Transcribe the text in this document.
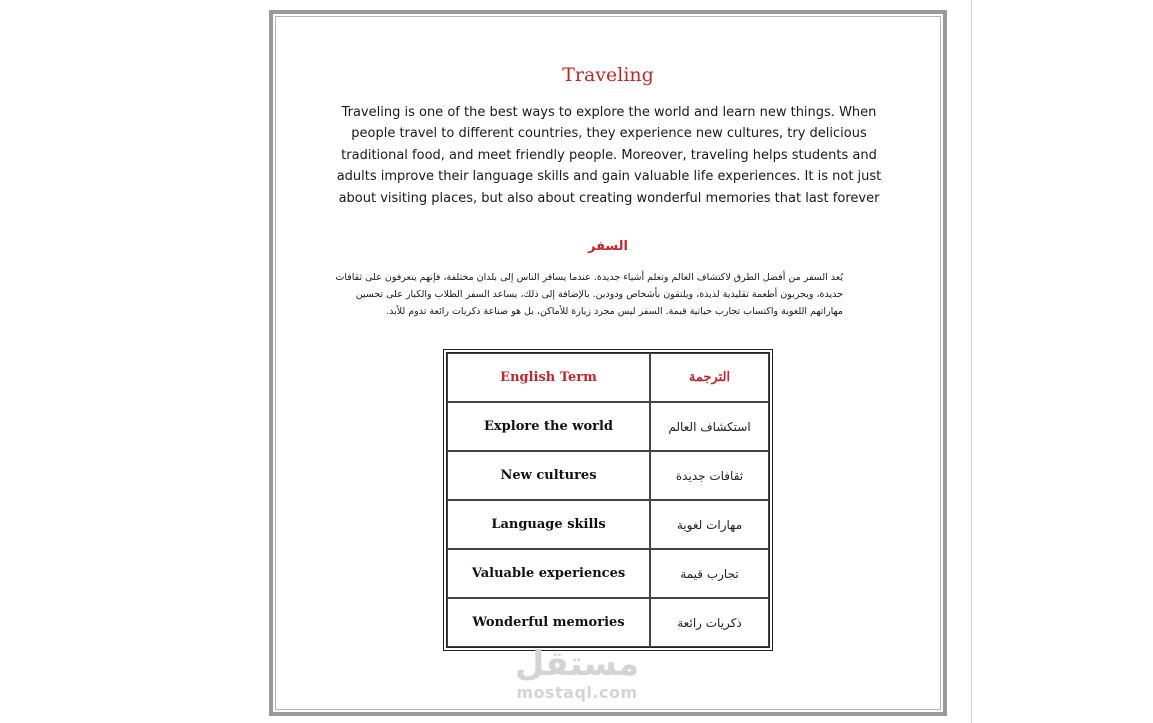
Traveling
Traveling is one of the best ways to explore the world and learn new things. When people travel to different countries, they experience new cultures, try delicious traditional food, and meet friendly people. Moreover, traveling helps students and adults improve their language skills and gain valuable life experiences. It is not just about visiting places, but also about creating wonderful memories that last forever
السفر
يُعد السفر من أفضل الطرق لاكتشاف العالم وتعلم أشياء جديدة. عندما يسافر الناس إلى بلدان مختلفة، فإنهم يتعرفون على ثقافات جديدة، ويجربون أطعمة تقليدية لذيذة، ويلتقون بأشخاص ودودين. بالإضافة إلى ذلك، يساعد السفر الطلاب والكبار على تحسين مهاراتهم اللغوية واكتساب تجارب حياتية قيمة. السفر ليس مجرد زيارة للأماكن، بل هو صناعة ذكريات رائعة تدوم للأبد.
English Term	الترجمة
Explore the world	استكشاف العالم
New cultures	ثقافات جديدة
Language skills	مهارات لغوية
Valuable experiences	تجارب قيمة
Wonderful memories	ذكريات رائعة
مستقل
mostaql.com
